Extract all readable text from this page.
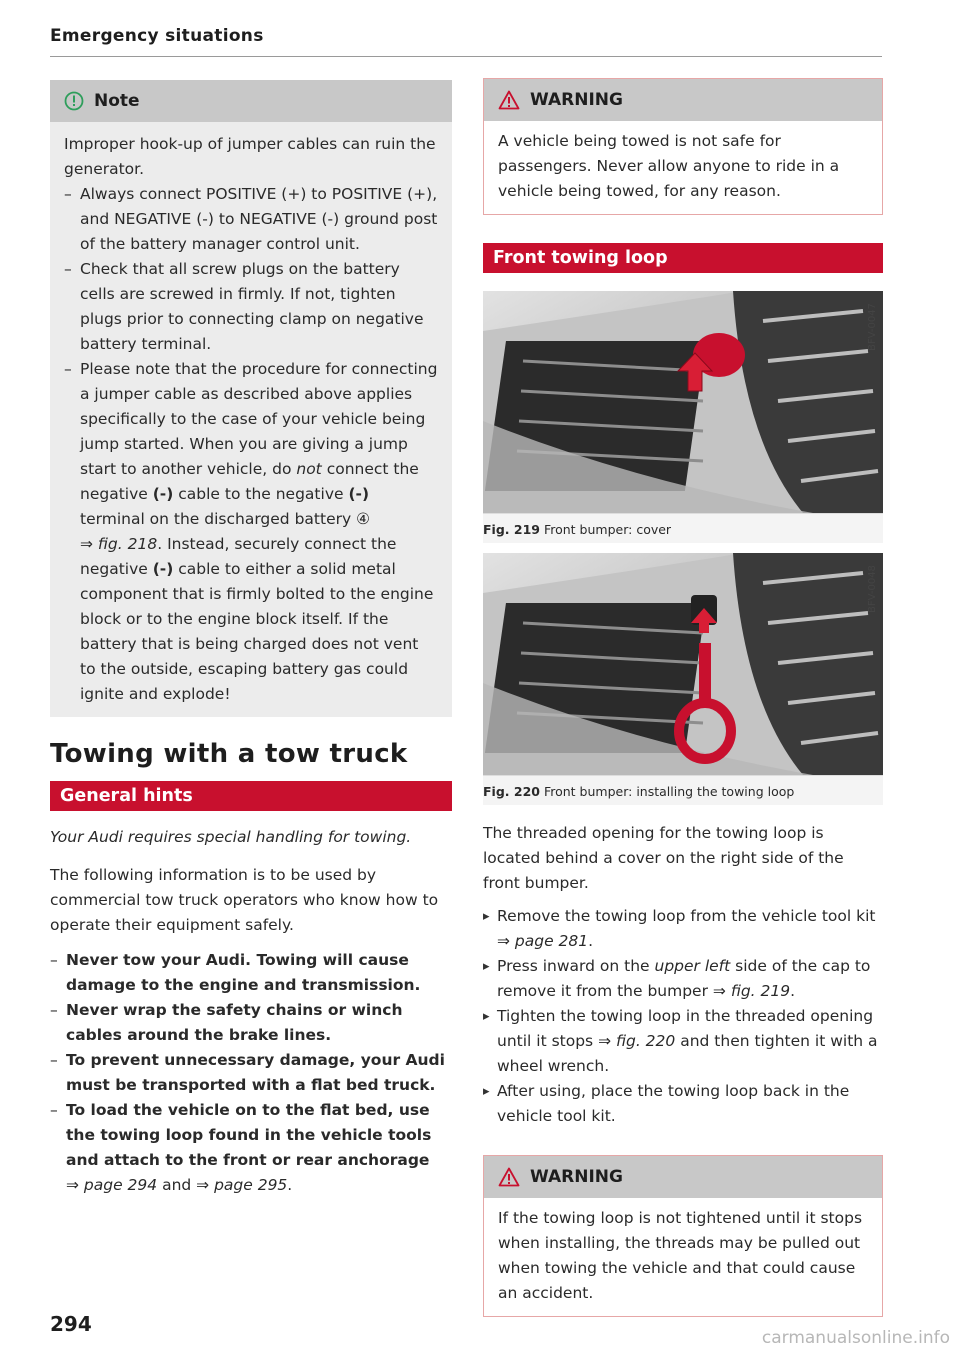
Emergency situations
Note

Improper hook-up of jumper cables can ruin the generator.

– Always connect POSITIVE (+) to POSITIVE (+), and NEGATIVE (-) to NEGATIVE (-) ground post of the battery manager control unit.
– Check that all screw plugs on the battery cells are screwed in firmly. If not, tighten plugs prior to connecting clamp on negative battery terminal.
– Please note that the procedure for connecting a jumper cable as described above applies specifically to the case of your vehicle being jump started. When you are giving a jump start to another vehicle, do not connect the negative (-) cable to the negative (-) terminal on the discharged battery ④
⇒ fig. 218. Instead, securely connect the negative (-) cable to either a solid metal component that is firmly bolted to the engine block or to the engine block itself. If the battery that is being charged does not vent to the outside, escaping battery gas could ignite and explode!
Towing with a tow truck
General hints

Your Audi requires special handling for towing.

The following information is to be used by commercial tow truck operators who know how to operate their equipment safely.

– Never tow your Audi. Towing will cause damage to the engine and transmission.
– Never wrap the safety chains or winch cables around the brake lines.
– To prevent unnecessary damage, your Audi must be transported with a flat bed truck.
– To load the vehicle on to the flat bed, use the towing loop found in the vehicle tools and attach to the front or rear anchorage
⇒ page 294 and ⇒ page 295.
294
WARNING
A vehicle being towed is not safe for passengers. Never allow anyone to ride in a vehicle being towed, for any reason.
Front towing loop
BFV-0047
Fig. 219 Front bumper: cover
BFV-0048
Fig. 220 Front bumper: installing the towing loop

The threaded opening for the towing loop is located behind a cover on the right side of the front bumper.

▸ Remove the towing loop from the vehicle tool kit ⇒ page 281.
▸ Press inward on the upper left side of the cap to remove it from the bumper ⇒ fig. 219.
▸ Tighten the towing loop in the threaded opening until it stops ⇒ fig. 220 and then tighten it with a wheel wrench.
▸ After using, place the towing loop back in the vehicle tool kit.
WARNING
If the towing loop is not tightened until it stops when installing, the threads may be pulled out when towing the vehicle and that could cause an accident.
carmanualsonline.info
